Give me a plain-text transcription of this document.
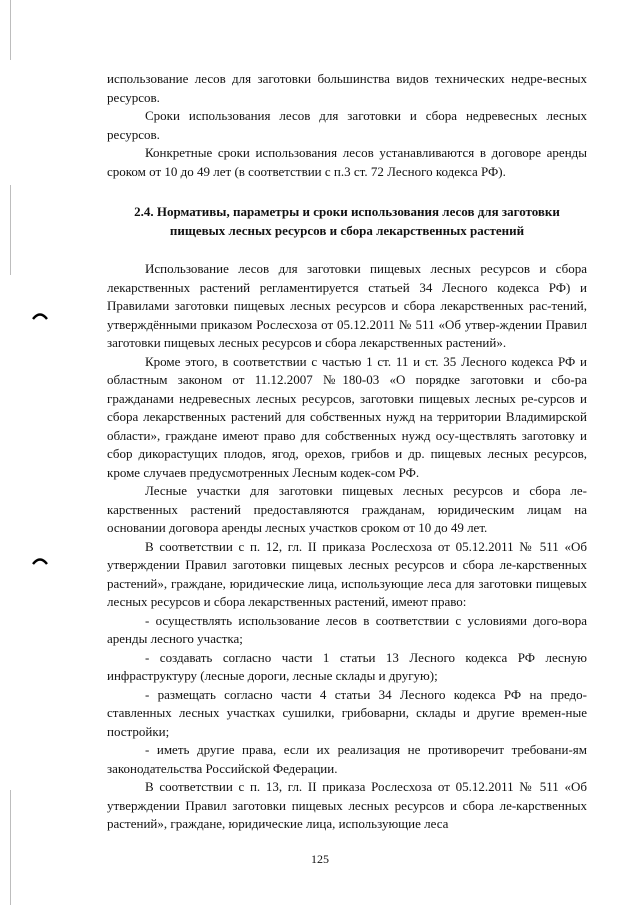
использование лесов для заготовки большинства видов технических недре-весных ресурсов.

Сроки использования лесов для заготовки и сбора недревесных лесных ресурсов.

Конкретные сроки использования лесов устанавливаются в договоре аренды сроком от 10 до 49 лет (в соответствии с п.3 ст. 72 Лесного кодекса РФ).

2.4. Нормативы, параметры и сроки использования лесов для заготовки пищевых лесных ресурсов и сбора лекарственных растений

Использование лесов для заготовки пищевых лесных ресурсов и сбора лекарственных растений регламентируется статьей 34 Лесного кодекса РФ) и Правилами заготовки пищевых лесных ресурсов и сбора лекарственных рас-тений, утверждёнными приказом Рослесхоза от 05.12.2011 № 511 «Об утвер-ждении Правил заготовки пищевых лесных ресурсов и сбора лекарственных растений».

Кроме этого, в соответствии с частью 1 ст. 11 и ст. 35 Лесного кодекса РФ и областным законом от 11.12.2007 №180-03 «О порядке заготовки и сбо-ра гражданами недревесных лесных ресурсов, заготовки пищевых лесных ре-сурсов и сбора лекарственных растений для собственных нужд на территории Владимирской области», граждане имеют право для собственных нужд осу-ществлять заготовку и сбор дикорастущих плодов, ягод, орехов, грибов и др. пищевых лесных ресурсов, кроме случаев предусмотренных Лесным кодек-сом РФ.

Лесные участки для заготовки пищевых лесных ресурсов и сбора ле-карственных растений предоставляются гражданам, юридическим лицам на основании договора аренды лесных участков сроком от 10 до 49 лет.

В соответствии с п. 12, гл. II приказа Рослесхоза от 05.12.2011 № 511 «Об утверждении Правил заготовки пищевых лесных ресурсов и сбора ле-карственных растений», граждане, юридические лица, использующие леса для заготовки пищевых лесных ресурсов и сбора лекарственных растений, имеют право:

- осуществлять использование лесов в соответствии с условиями дого-вора аренды лесного участка;

- создавать согласно части 1 статьи 13 Лесного кодекса РФ лесную инфраструктуру (лесные дороги, лесные склады и другую);

- размещать согласно части 4 статьи 34 Лесного кодекса РФ на предо-ставленных лесных участках сушилки, грибоварни, склады и другие времен-ные постройки;

- иметь другие права, если их реализация не противоречит требовани-ям законодательства Российской Федерации.

В соответствии с п. 13, гл. II приказа Рослесхоза от 05.12.2011 № 511 «Об утверждении Правил заготовки пищевых лесных ресурсов и сбора ле-карственных растений», граждане, юридические лица, использующие леса

125
